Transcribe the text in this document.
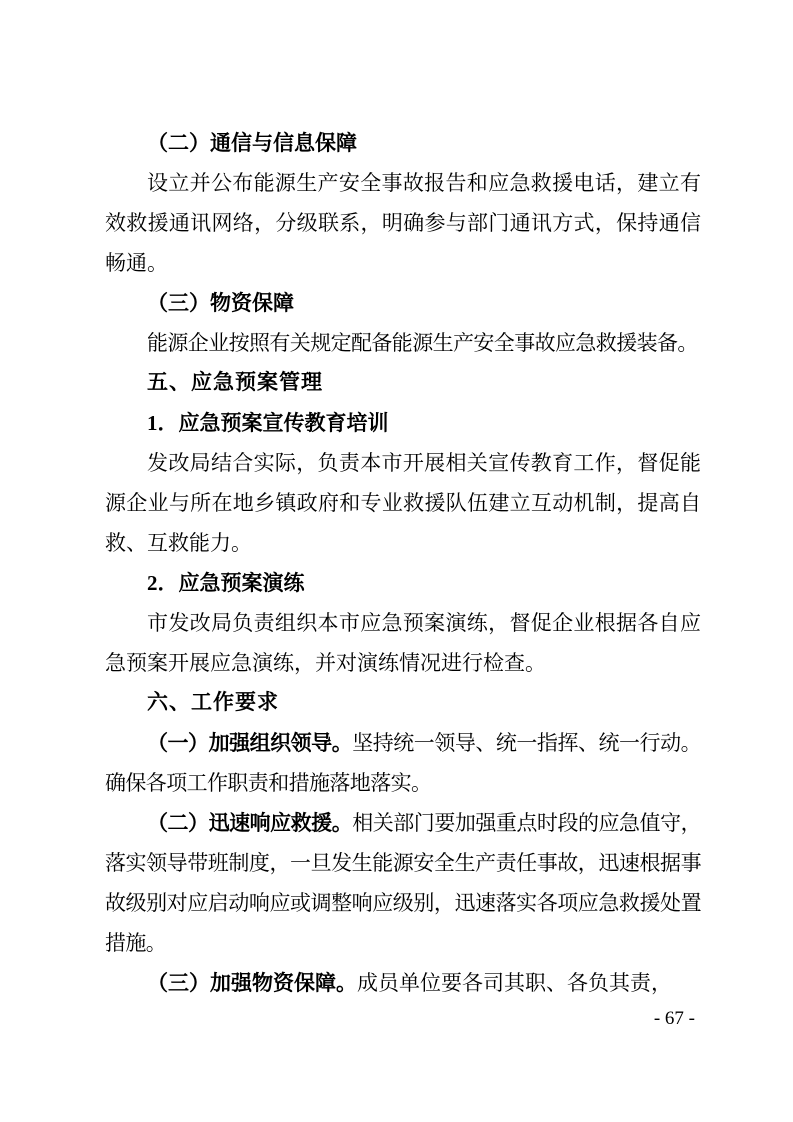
（二）通信与信息保障

设立并公布能源生产安全事故报告和应急救援电话，建立有效救援通讯网络，分级联系，明确参与部门通讯方式，保持通信畅通。

（三）物资保障

能源企业按照有关规定配备能源生产安全事故应急救援装备。

五、应急预案管理

1．应急预案宣传教育培训

发改局结合实际，负责本市开展相关宣传教育工作，督促能源企业与所在地乡镇政府和专业救援队伍建立互动机制，提高自救、互救能力。

2．应急预案演练

市发改局负责组织本市应急预案演练，督促企业根据各自应急预案开展应急演练，并对演练情况进行检查。

六、工作要求

（一）加强组织领导。坚持统一领导、统一指挥、统一行动。确保各项工作职责和措施落地落实。

（二）迅速响应救援。相关部门要加强重点时段的应急值守，落实领导带班制度，一旦发生能源安全生产责任事故，迅速根据事故级别对应启动响应或调整响应级别，迅速落实各项应急救援处置措施。

（三）加强物资保障。成员单位要各司其职、各负其责，

- 67 -
